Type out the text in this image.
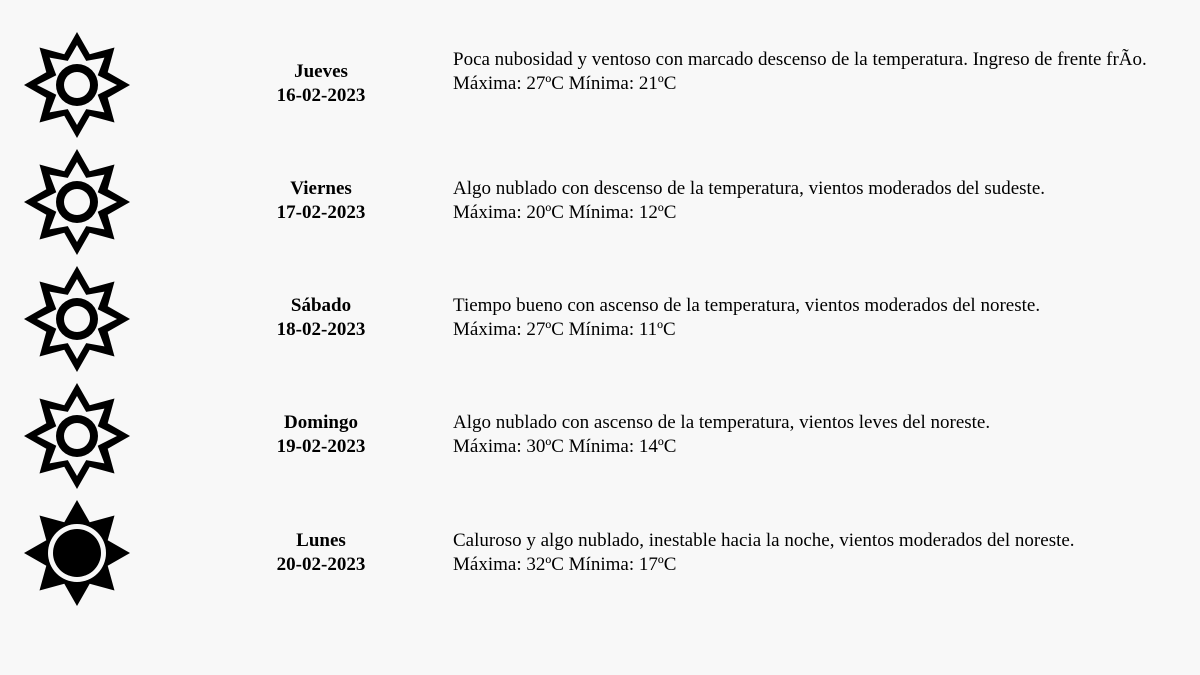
Jueves
16-02-2023
Poca nubosidad y ventoso con marcado descenso de la temperatura. Ingreso de frente frÃo.
Máxima: 27ºC Mínima: 21ºC
Viernes
17-02-2023
Algo nublado con descenso de la temperatura, vientos moderados del sudeste.
Máxima: 20ºC Mínima: 12ºC
Sábado
18-02-2023
Tiempo bueno con ascenso de la temperatura, vientos moderados del noreste.
Máxima: 27ºC Mínima: 11ºC
Domingo
19-02-2023
Algo nublado con ascenso de la temperatura, vientos leves del noreste.
Máxima: 30ºC Mínima: 14ºC
Lunes
20-02-2023
Caluroso y algo nublado, inestable hacia la noche, vientos moderados del noreste.
Máxima: 32ºC Mínima: 17ºC
